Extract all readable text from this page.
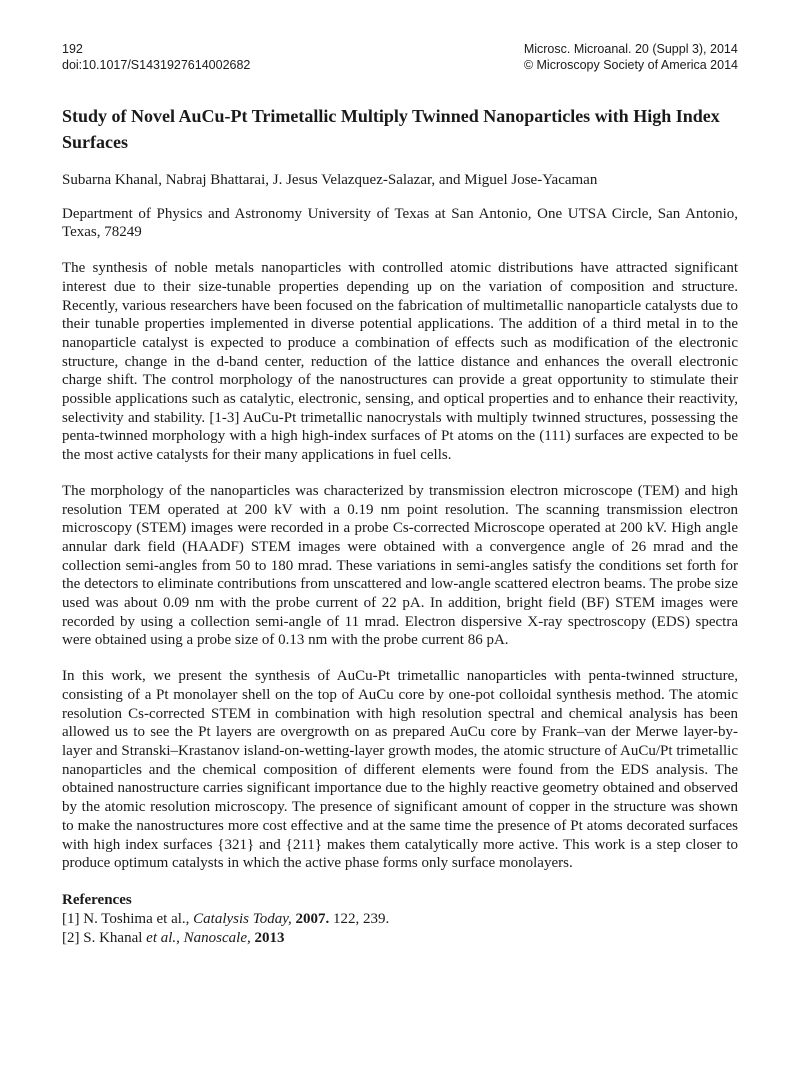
192
doi:10.1017/S1431927614002682
Microsc. Microanal. 20 (Suppl 3), 2014
© Microscopy Society of America 2014
Study of Novel AuCu-Pt Trimetallic Multiply Twinned Nanoparticles with High Index Surfaces

Subarna Khanal, Nabraj Bhattarai, J. Jesus Velazquez-Salazar, and Miguel Jose-Yacaman

Department of Physics and Astronomy University of Texas at San Antonio, One UTSA Circle, San Antonio, Texas, 78249

The synthesis of noble metals nanoparticles with controlled atomic distributions have attracted significant interest due to their size-tunable properties depending up on the variation of composition and structure. Recently, various researchers have been focused on the fabrication of multimetallic nanoparticle catalysts due to their tunable properties implemented in diverse potential applications. The addition of a third metal in to the nanoparticle catalyst is expected to produce a combination of effects such as modification of the electronic structure, change in the d-band center, reduction of the lattice distance and enhances the overall electronic charge shift. The control morphology of the nanostructures can provide a great opportunity to stimulate their possible applications such as catalytic, electronic, sensing, and optical properties and to enhance their reactivity, selectivity and stability. [1-3] AuCu-Pt trimetallic nanocrystals with multiply twinned structures, possessing the penta-twinned morphology with a high high-index surfaces of Pt atoms on the (111) surfaces are expected to be the most active catalysts for their many applications in fuel cells.

The morphology of the nanoparticles was characterized by transmission electron microscope (TEM) and high resolution TEM operated at 200 kV with a 0.19 nm point resolution. The scanning transmission electron microscopy (STEM) images were recorded in a probe Cs-corrected Microscope operated at 200 kV. High angle annular dark field (HAADF) STEM images were obtained with a convergence angle of 26 mrad and the collection semi-angles from 50 to 180 mrad. These variations in semi-angles satisfy the conditions set forth for the detectors to eliminate contributions from unscattered and low-angle scattered electron beams. The probe size used was about 0.09 nm with the probe current of 22 pA. In addition, bright field (BF) STEM images were recorded by using a collection semi-angle of 11 mrad. Electron dispersive X-ray spectroscopy (EDS) spectra were obtained using a probe size of 0.13 nm with the probe current 86 pA.

In this work, we present the synthesis of AuCu-Pt trimetallic nanoparticles with penta-twinned structure, consisting of a Pt monolayer shell on the top of AuCu core by one-pot colloidal synthesis method. The atomic resolution Cs-corrected STEM in combination with high resolution spectral and chemical analysis has been allowed us to see the Pt layers are overgrowth on as prepared AuCu core by Frank–van der Merwe layer-by-layer and Stranski–Krastanov island-on-wetting-layer growth modes, the atomic structure of AuCu/Pt trimetallic nanoparticles and the chemical composition of different elements were found from the EDS analysis. The obtained nanostructure carries significant importance due to the highly reactive geometry obtained and observed by the atomic resolution microscopy. The presence of significant amount of copper in the structure was shown to make the nanostructures more cost effective and at the same time the presence of Pt atoms decorated surfaces with high index surfaces {321} and {211} makes them catalytically more active. This work is a step closer to produce optimum catalysts in which the active phase forms only surface monolayers.

References
[1] N. Toshima et al., Catalysis Today, 2007. 122, 239.
[2] S. Khanal et al., Nanoscale, 2013
